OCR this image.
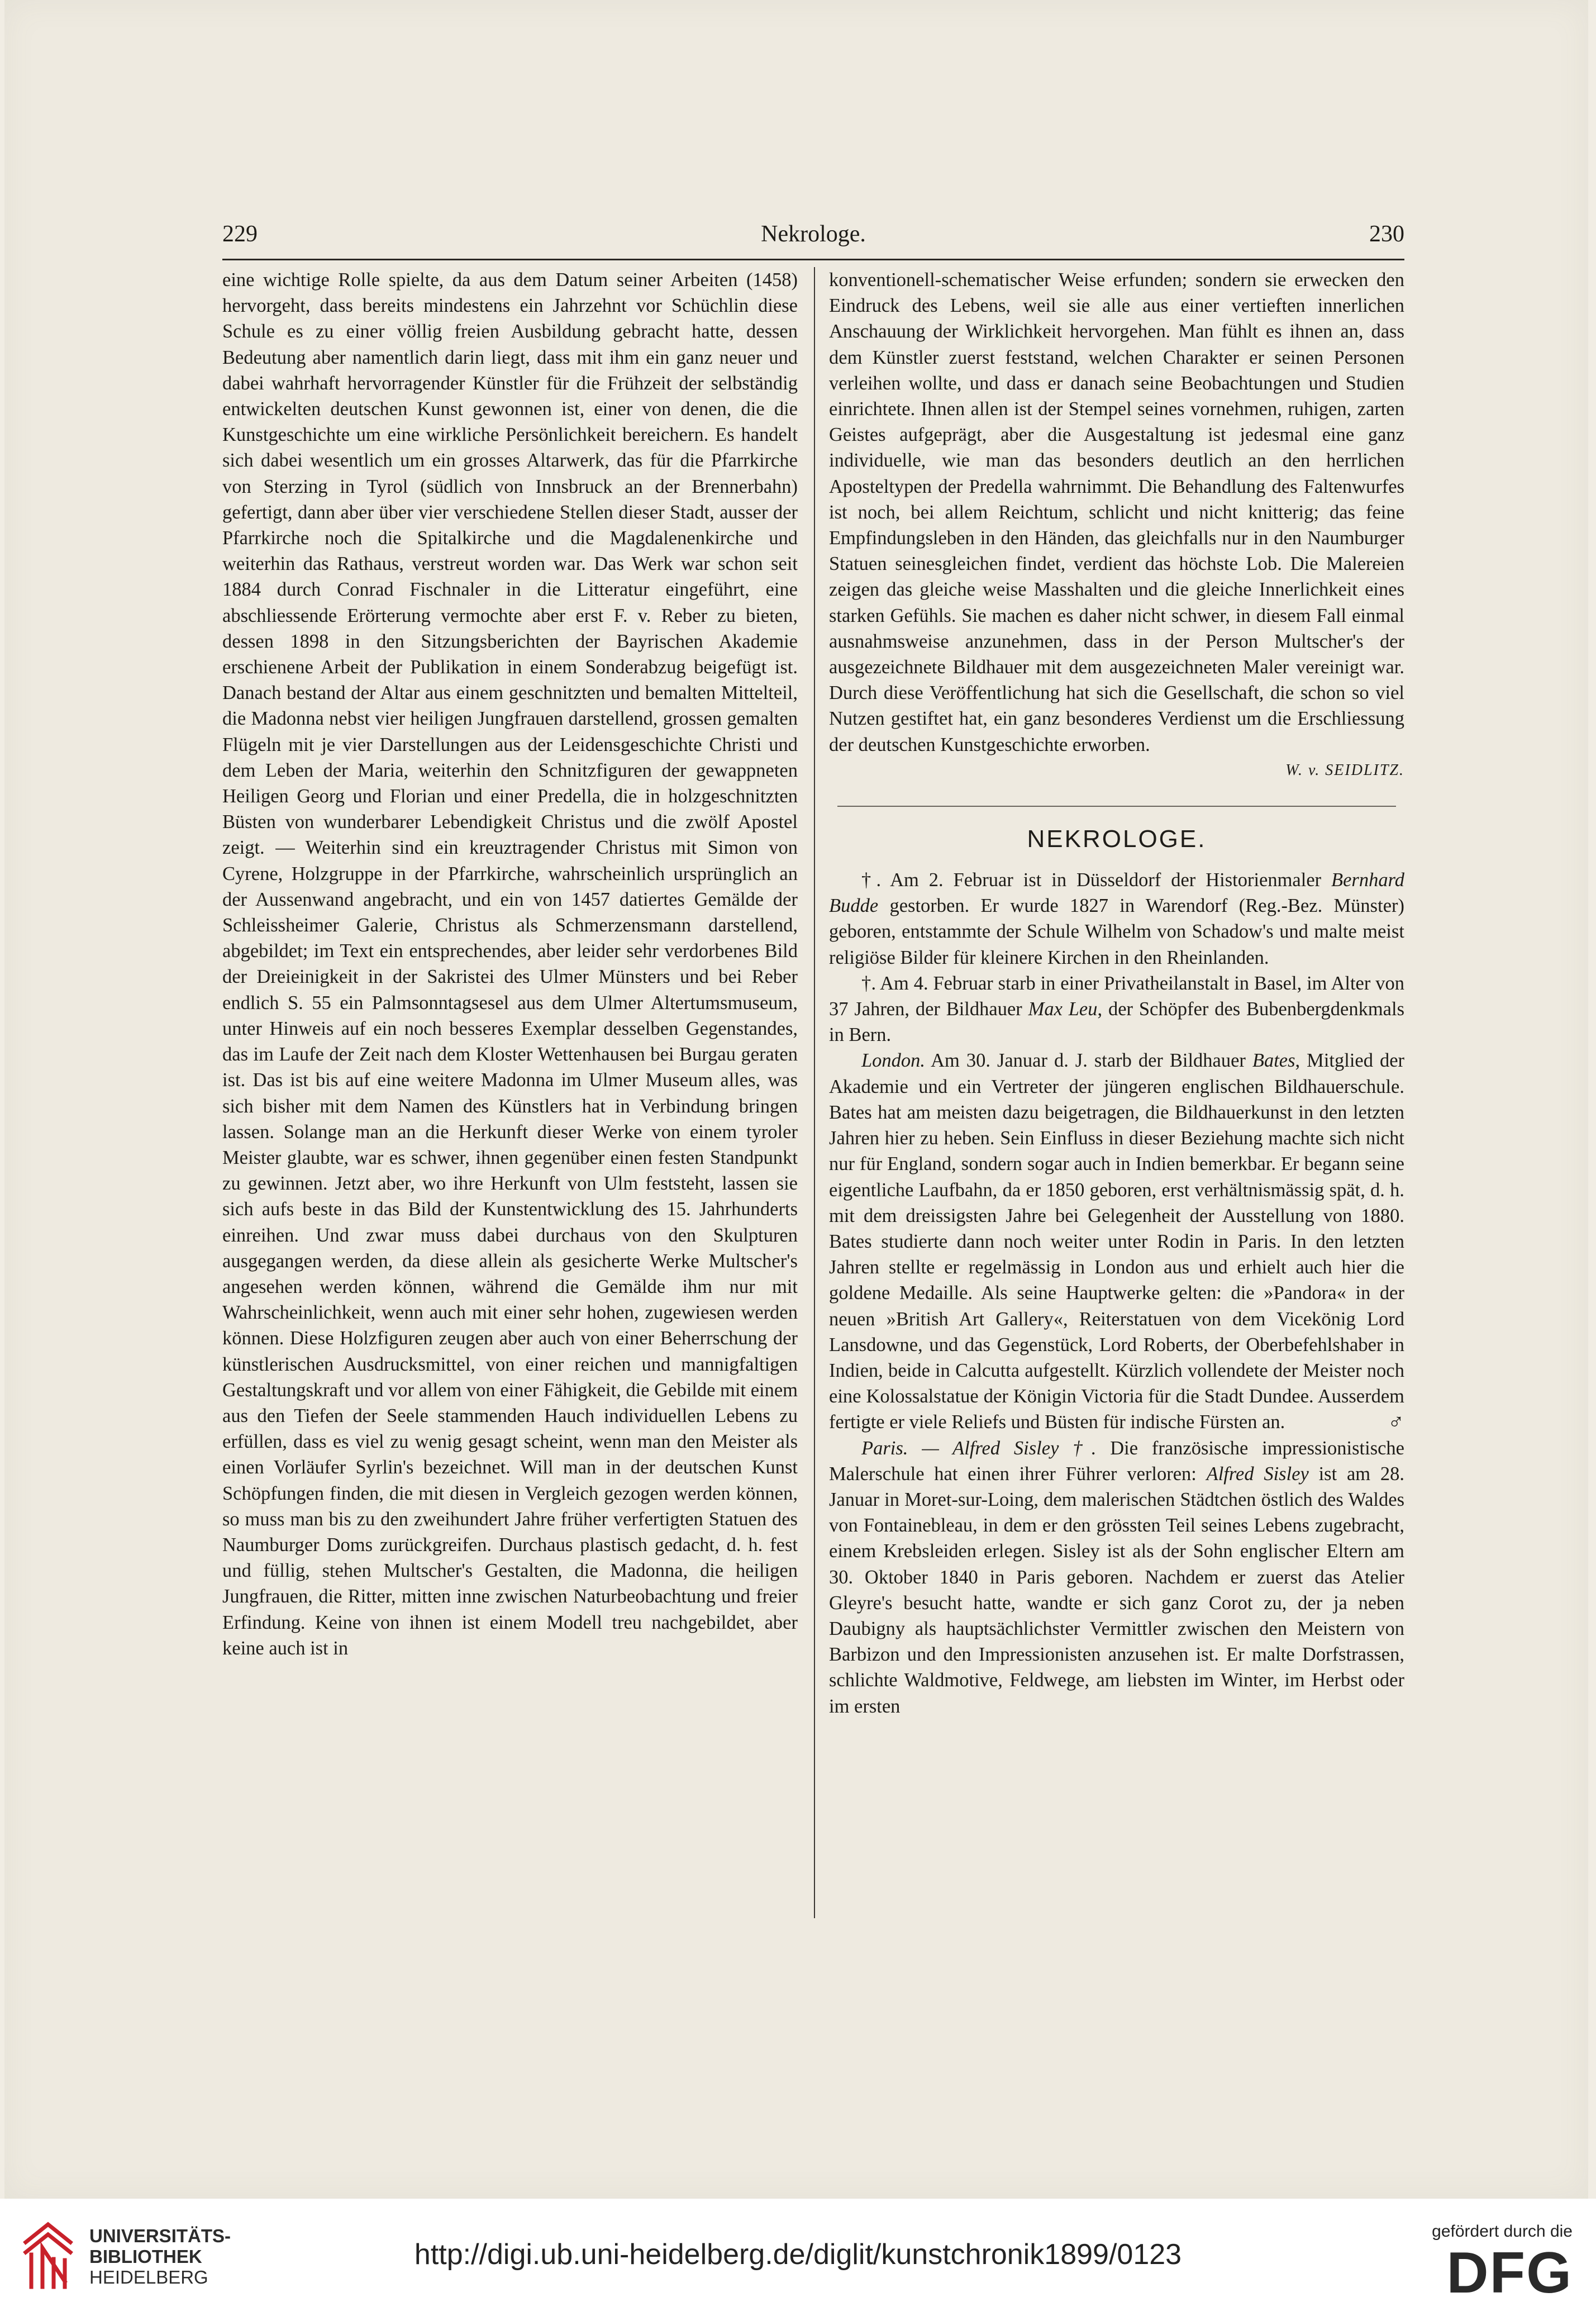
229	Nekrologe.	230

eine wichtige Rolle spielte, da aus dem Datum seiner Arbeiten (1458) hervorgeht, dass bereits mindestens ein Jahrzehnt vor Schüchlin diese Schule es zu einer völlig freien Ausbildung gebracht hatte, dessen Bedeutung aber namentlich darin liegt, dass mit ihm ein ganz neuer und dabei wahrhaft hervorragender Künstler für die Frühzeit der selbständig entwickelten deutschen Kunst gewonnen ist, einer von denen, die die Kunstgeschichte um eine wirkliche Persönlichkeit bereichern. Es handelt sich dabei wesentlich um ein grosses Altarwerk, das für die Pfarrkirche von Sterzing in Tyrol (südlich von Innsbruck an der Brennerbahn) gefertigt, dann aber über vier verschiedene Stellen dieser Stadt, ausser der Pfarrkirche noch die Spitalkirche und die Magdalenenkirche und weiterhin das Rathaus, verstreut worden war. Das Werk war schon seit 1884 durch Conrad Fischnaler in die Litteratur eingeführt, eine abschliessende Erörterung vermochte aber erst F. v. Reber zu bieten, dessen 1898 in den Sitzungsberichten der Bayrischen Akademie erschienene Arbeit der Publikation in einem Sonderabzug beigefügt ist. Danach bestand der Altar aus einem geschnitzten und bemalten Mittelteil, die Madonna nebst vier heiligen Jungfrauen darstellend, grossen gemalten Flügeln mit je vier Darstellungen aus der Leidensgeschichte Christi und dem Leben der Maria, weiterhin den Schnitzfiguren der gewappneten Heiligen Georg und Florian und einer Predella, die in holzgeschnitzten Büsten von wunderbarer Lebendigkeit Christus und die zwölf Apostel zeigt. — Weiterhin sind ein kreuztragender Christus mit Simon von Cyrene, Holzgruppe in der Pfarrkirche, wahrscheinlich ursprünglich an der Aussenwand angebracht, und ein von 1457 datiertes Gemälde der Schleissheimer Galerie, Christus als Schmerzensmann darstellend, abgebildet; im Text ein entsprechendes, aber leider sehr verdorbenes Bild der Dreieinigkeit in der Sakristei des Ulmer Münsters und bei Reber endlich S. 55 ein Palmsonntagsesel aus dem Ulmer Altertumsmuseum, unter Hinweis auf ein noch besseres Exemplar desselben Gegenstandes, das im Laufe der Zeit nach dem Kloster Wettenhausen bei Burgau geraten ist. Das ist bis auf eine weitere Madonna im Ulmer Museum alles, was sich bisher mit dem Namen des Künstlers hat in Verbindung bringen lassen. Solange man an die Herkunft dieser Werke von einem tyroler Meister glaubte, war es schwer, ihnen gegenüber einen festen Standpunkt zu gewinnen. Jetzt aber, wo ihre Herkunft von Ulm feststeht, lassen sie sich aufs beste in das Bild der Kunstentwicklung des 15. Jahrhunderts einreihen. Und zwar muss dabei durchaus von den Skulpturen ausgegangen werden, da diese allein als gesicherte Werke Multscher's angesehen werden können, während die Gemälde ihm nur mit Wahrscheinlichkeit, wenn auch mit einer sehr hohen, zugewiesen werden können. Diese Holzfiguren zeugen aber auch von einer Beherrschung der künstlerischen Ausdrucksmittel, von einer reichen und mannigfaltigen Gestaltungskraft und vor allem von einer Fähigkeit, die Gebilde mit einem aus den Tiefen der Seele stammenden Hauch individuellen Lebens zu erfüllen, dass es viel zu wenig gesagt scheint, wenn man den Meister als einen Vorläufer Syrlin's bezeichnet. Will man in der deutschen Kunst Schöpfungen finden, die mit diesen in Vergleich gezogen werden können, so muss man bis zu den zweihundert Jahre früher verfertigten Statuen des Naumburger Doms zurückgreifen. Durchaus plastisch gedacht, d. h. fest und füllig, stehen Multscher's Gestalten, die Madonna, die heiligen Jungfrauen, die Ritter, mitten inne zwischen Naturbeobachtung und freier Erfindung. Keine von ihnen ist einem Modell treu nachgebildet, aber keine auch ist in

konventionell-schematischer Weise erfunden; sondern sie erwecken den Eindruck des Lebens, weil sie alle aus einer vertieften innerlichen Anschauung der Wirklichkeit hervorgehen. Man fühlt es ihnen an, dass dem Künstler zuerst feststand, welchen Charakter er seinen Personen verleihen wollte, und dass er danach seine Beobachtungen und Studien einrichtete. Ihnen allen ist der Stempel seines vornehmen, ruhigen, zarten Geistes aufgeprägt, aber die Ausgestaltung ist jedesmal eine ganz individuelle, wie man das besonders deutlich an den herrlichen Aposteltypen der Predella wahrnimmt. Die Behandlung des Faltenwurfes ist noch, bei allem Reichtum, schlicht und nicht knitterig; das feine Empfindungsleben in den Händen, das gleichfalls nur in den Naumburger Statuen seinesgleichen findet, verdient das höchste Lob. Die Malereien zeigen das gleiche weise Masshalten und die gleiche Innerlichkeit eines starken Gefühls. Sie machen es daher nicht schwer, in diesem Fall einmal ausnahmsweise anzunehmen, dass in der Person Multscher's der ausgezeichnete Bildhauer mit dem ausgezeichneten Maler vereinigt war. Durch diese Veröffentlichung hat sich die Gesellschaft, die schon so viel Nutzen gestiftet hat, ein ganz besonderes Verdienst um die Erschliessung der deutschen Kunstgeschichte erworben.

W. v. SEIDLITZ.
NEKROLOGE.

†. Am 2. Februar ist in Düsseldorf der Historienmaler Bernhard Budde gestorben. Er wurde 1827 in Warendorf (Reg.-Bez. Münster) geboren, entstammte der Schule Wilhelm von Schadow's und malte meist religiöse Bilder für kleinere Kirchen in den Rheinlanden.

†. Am 4. Februar starb in einer Privatheilanstalt in Basel, im Alter von 37 Jahren, der Bildhauer Max Leu, der Schöpfer des Bubenbergdenkmals in Bern.

London. Am 30. Januar d. J. starb der Bildhauer Bates, Mitglied der Akademie und ein Vertreter der jüngeren englischen Bildhauerschule. Bates hat am meisten dazu beigetragen, die Bildhauerkunst in den letzten Jahren hier zu heben. Sein Einfluss in dieser Beziehung machte sich nicht nur für England, sondern sogar auch in Indien bemerkbar. Er begann seine eigentliche Laufbahn, da er 1850 geboren, erst verhältnismässig spät, d. h. mit dem dreissigsten Jahre bei Gelegenheit der Ausstellung von 1880. Bates studierte dann noch weiter unter Rodin in Paris. In den letzten Jahren stellte er regelmässig in London aus und erhielt auch hier die goldene Medaille. Als seine Hauptwerke gelten: die »Pandora« in der neuen »British Art Gallery«, Reiterstatuen von dem Vicekönig Lord Lansdowne, und das Gegenstück, Lord Roberts, der Oberbefehlshaber in Indien, beide in Calcutta aufgestellt. Kürzlich vollendete der Meister noch eine Kolossalstatue der Königin Victoria für die Stadt Dundee. Ausserdem fertigte er viele Reliefs und Büsten für indische Fürsten an.	♂

Paris. — Alfred Sisley †. Die französische impressionistische Malerschule hat einen ihrer Führer verloren: Alfred Sisley ist am 28. Januar in Moret-sur-Loing, dem malerischen Städtchen östlich des Waldes von Fontainebleau, in dem er den grössten Teil seines Lebens zugebracht, einem Krebsleiden erlegen. Sisley ist als der Sohn englischer Eltern am 30. Oktober 1840 in Paris geboren. Nachdem er zuerst das Atelier Gleyre's besucht hatte, wandte er sich ganz Corot zu, der ja neben Daubigny als hauptsächlichster Vermittler zwischen den Meistern von Barbizon und den Impressionisten anzusehen ist. Er malte Dorfstrassen, schlichte Waldmotive, Feldwege, am liebsten im Winter, im Herbst oder im ersten

UNIVERSITÄTS-
BIBLIOTHEK
HEIDELBERG
http://digi.ub.uni-heidelberg.de/diglit/kunstchronik1899/0123
gefördert durch die
DFG
